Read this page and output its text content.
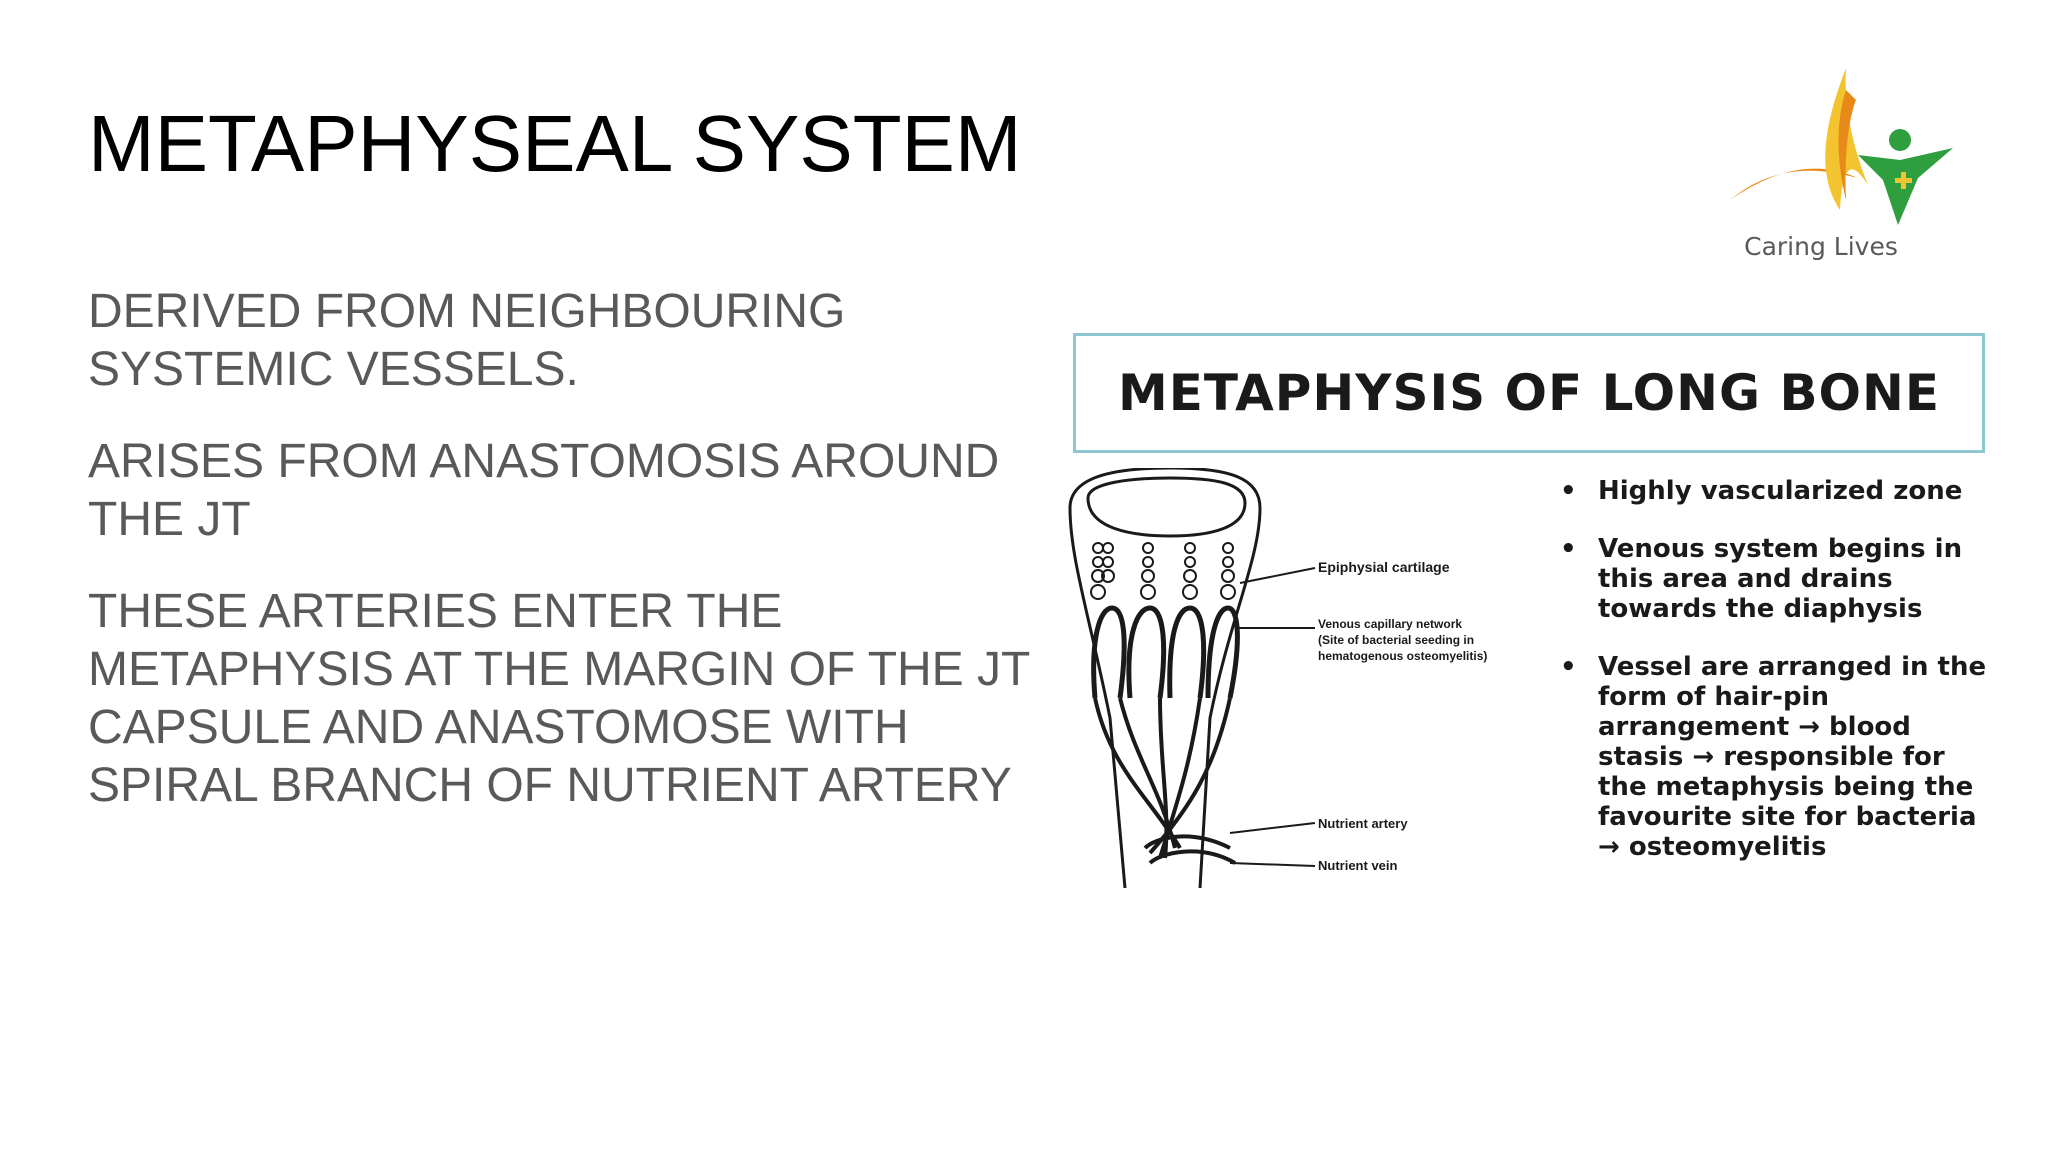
METAPHYSEAL SYSTEM

DERIVED FROM NEIGHBOURING SYSTEMIC VESSELS.

ARISES FROM ANASTOMOSIS AROUND THE JT

THESE ARTERIES ENTER THE METAPHYSIS AT THE MARGIN OF THE JT CAPSULE AND ANASTOMOSE WITH SPIRAL BRANCH OF NUTRIENT ARTERY

Caring Lives
METAPHYSIS OF LONG BONE
Epiphysial cartilage
Venous capillary network
(Site of bacterial seeding in
hematogenous osteomyelitis)
Nutrient artery
Nutrient vein
• Highly vascularized zone
• Venous system begins in this area and drains towards the diaphysis
• Vessel are arranged in the form of hair-pin arrangement → blood stasis → responsible for the metaphysis being the favourite site for bacteria → osteomyelitis
